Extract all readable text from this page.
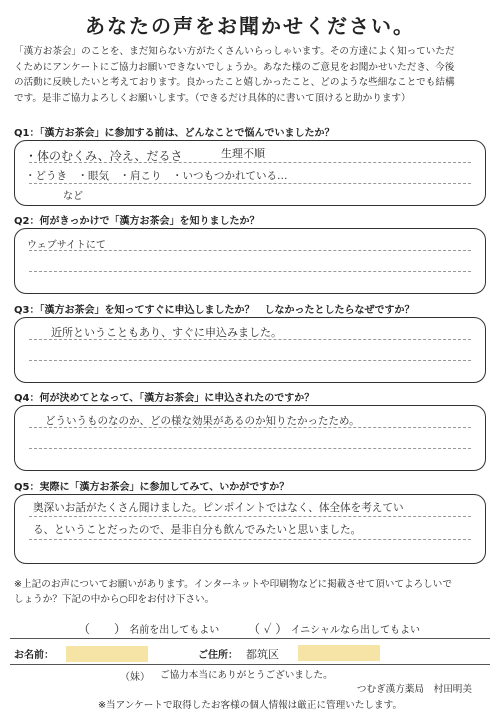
あなたの声をお聞かせください。
「漢方お茶会」のことを、まだ知らない方がたくさんいらっしゃいます。その方達によく知っていただ
くためにアンケートにご協力お願いできないでしょうか。あなた様のご意見をお聞かせいただき、今後
の活動に反映したいと考えております。良かったこと嬉しかったこと、どのような些細なことでも結構
です。是非ご協力よろしくお願いします。（できるだけ具体的に書いて頂けると助かります）
Q1：「漢方お茶会」に参加する前は、どんなことで悩んでいましたか？
・体のむくみ、冷え、だるさ	生理不順
・どうき　・眼気　・肩こり　・いつもつかれている…
など
Q2：何がきっかけで「漢方お茶会」を知りましたか？
ウェブサイトにて
Q3：「漢方お茶会」を知ってすぐに申込しましたか？　しなかったとしたらなぜですか？
近所ということもあり、すぐに申込みました。
Q4：何が決めてとなって、「漢方お茶会」に申込されたのですか？
どういうものなのか、どの様な効果があるのか知りたかったため。
Q5：実際に「漢方お茶会」に参加してみて、いかがですか？
奥深いお話がたくさん聞けました。ピンポイントではなく、体全体を考えてい
る、ということだったので、是非自分も飲んでみたいと思いました。
※上記のお声についてお願いがあります。インターネットや印刷物などに掲載させて頂いてよろしいで
しょうか？下記の中から○印をお付け下さい。
（　　） 名前を出してもよい （ ✓ ） イニシャルなら出してもよい
お名前：	ご住所： 都筑区
（妹） ご協力本当にありがとうございました。
つむぎ漢方薬局　村田明美
※当アンケートで取得したお客様の個人情報は厳正に管理いたします。
